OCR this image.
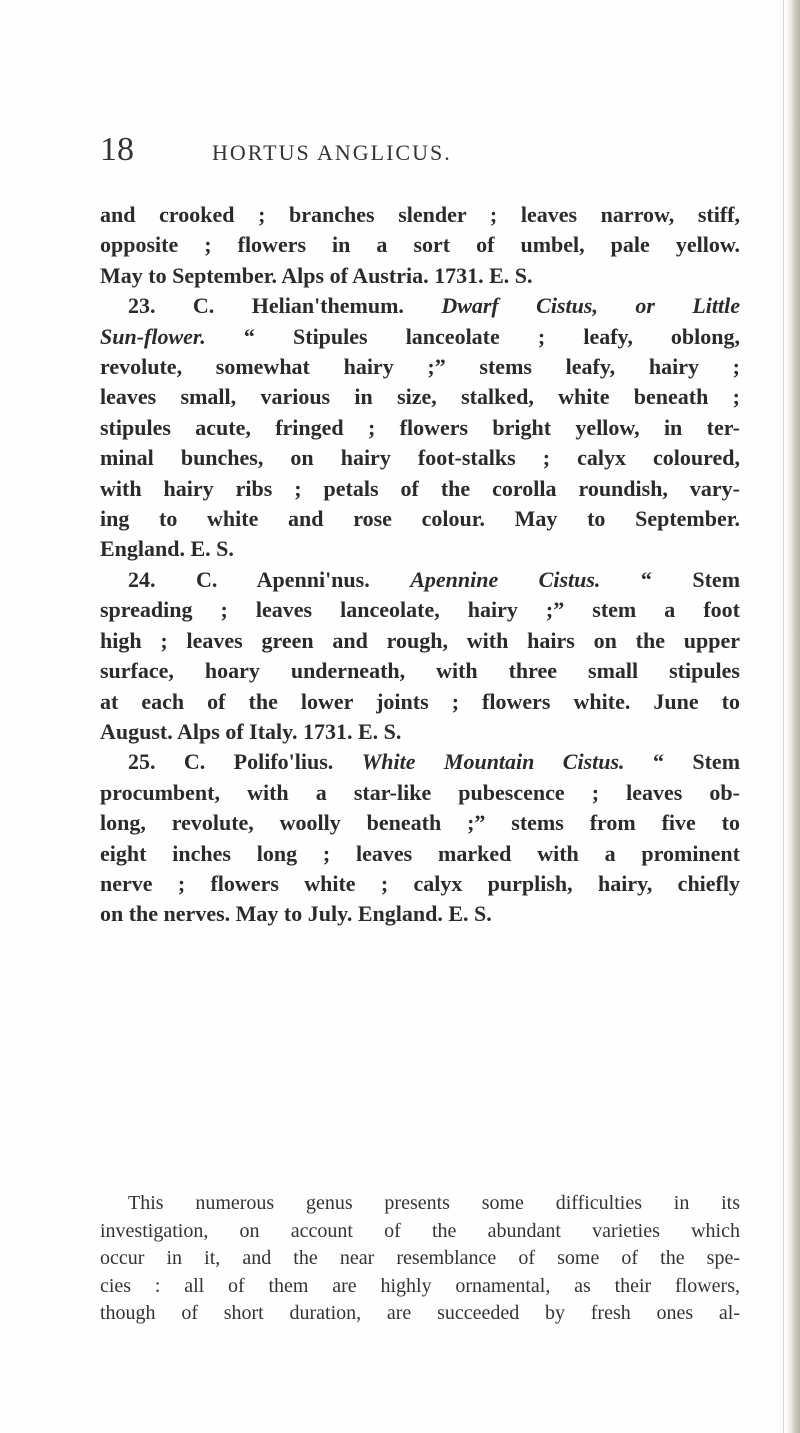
18	HORTUS ANGLICUS.
and crooked ; branches slender ; leaves narrow, stiff,
opposite ; flowers in a sort of umbel, pale yellow.
May to September. Alps of Austria. 1731. E. S.
23. C. Helian'themum. Dwarf Cistus, or Little
Sun-flower. “ Stipules lanceolate ; leafy, oblong,
revolute, somewhat hairy ;” stems leafy, hairy ;
leaves small, various in size, stalked, white beneath ;
stipules acute, fringed ; flowers bright yellow, in ter-
minal bunches, on hairy foot-stalks ; calyx coloured,
with hairy ribs ; petals of the corolla roundish, vary-
ing to white and rose colour. May to September.
England. E. S.
24. C. Apenni'nus. Apennine Cistus. “ Stem
spreading ; leaves lanceolate, hairy ;” stem a foot
high ; leaves green and rough, with hairs on the upper
surface, hoary underneath, with three small stipules
at each of the lower joints ; flowers white. June to
August. Alps of Italy. 1731. E. S.
25. C. Polifo'lius. White Mountain Cistus. “ Stem
procumbent, with a star-like pubescence ; leaves ob-
long, revolute, woolly beneath ;” stems from five to
eight inches long ; leaves marked with a prominent
nerve ; flowers white ; calyx purplish, hairy, chiefly
on the nerves. May to July. England. E. S.
This numerous genus presents some difficulties in its
investigation, on account of the abundant varieties which
occur in it, and the near resemblance of some of the spe-
cies : all of them are highly ornamental, as their flowers,
though of short duration, are succeeded by fresh ones al-
